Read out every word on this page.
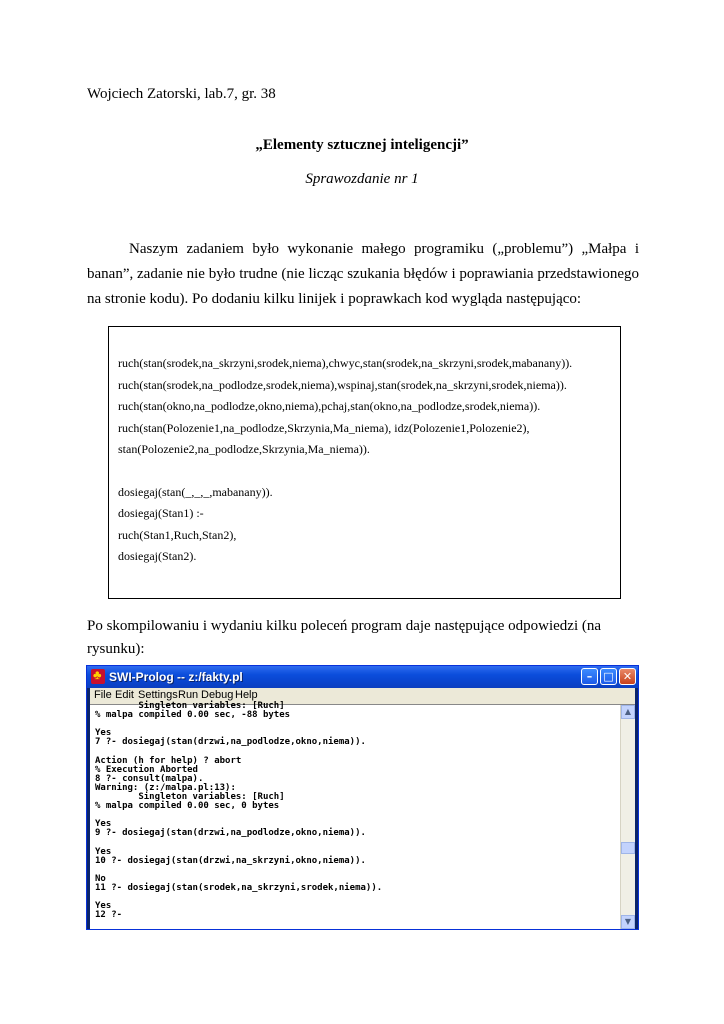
Wojciech Zatorski, lab.7, gr. 38
„Elementy sztucznej inteligencji”
Sprawozdanie nr 1
Naszym zadaniem było wykonanie małego programiku („problemu”) „Małpa i
banan”, zadanie nie było trudne (nie licząc szukania błędów i poprawiania przedstawionego
na stronie kodu). Po dodaniu kilku linijek i poprawkach kod wygląda następująco:
ruch(stan(srodek,na_skrzyni,srodek,niema),chwyc,stan(srodek,na_skrzyni,srodek,mabanany)).
ruch(stan(srodek,na_podlodze,srodek,niema),wspinaj,stan(srodek,na_skrzyni,srodek,niema)).
ruch(stan(okno,na_podlodze,okno,niema),pchaj,stan(okno,na_podlodze,srodek,niema)).
ruch(stan(Polozenie1,na_podlodze,Skrzynia,Ma_niema), idz(Polozenie1,Polozenie2),
stan(Polozenie2,na_podlodze,Skrzynia,Ma_niema)).
dosiegaj(stan(_,_,_,mabanany)).
dosiegaj(Stan1) :-
ruch(Stan1,Ruch,Stan2),
dosiegaj(Stan2).
Po skompilowaniu i wydaniu kilku poleceń program daje następujące odpowiedzi (na
rysunku):
♣
SWI-Prolog -- z:/fakty.pl	–	□ ✕
File Edit Settings Run Debug Help
Singleton variables: [Ruch]
% malpa compiled 0.00 sec, -88 bytes

Yes
7 ?- dosiegaj(stan(drzwi,na_podlodze,okno,niema)).

Action (h for help) ? abort
% Execution Aborted
8 ?- consult(malpa).
Warning: (z:/malpa.pl:13):
Singleton variables: [Ruch]
% malpa compiled 0.00 sec, 0 bytes

Yes
9 ?- dosiegaj(stan(drzwi,na_podlodze,okno,niema)).

Yes
10 ?- dosiegaj(stan(drzwi,na_skrzyni,okno,niema)).

No
11 ?- dosiegaj(stan(srodek,na_skrzyni,srodek,niema)).

Yes
12 ?-
▲
▼
